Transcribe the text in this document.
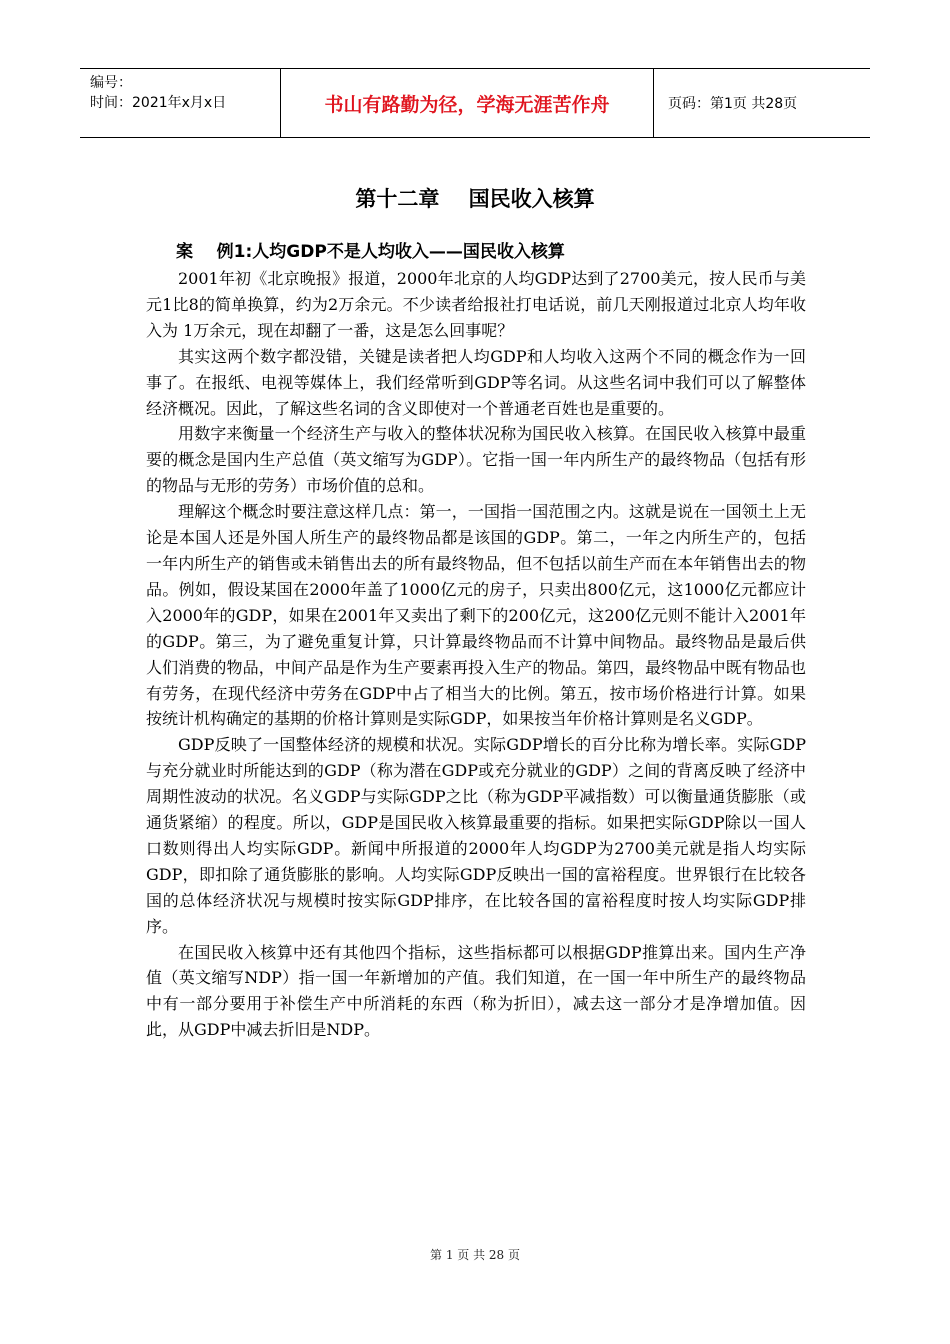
编号：
时间：2021年x月x日	书山有路勤为径，学海无涯苦作舟	页码：第1页 共28页
第十二章    国民收入核算
案    例1:人均GDP不是人均收入——国民收入核算

2001年初《北京晚报》报道，2000年北京的人均GDP达到了2700美元，按人民币与美元1比8的简单换算，约为2万余元。不少读者给报社打电话说，前几天刚报道过北京人均年收入为 1万余元，现在却翻了一番，这是怎么回事呢？

其实这两个数字都没错，关键是读者把人均GDP和人均收入这两个不同的概念作为一回事了。在报纸、电视等媒体上，我们经常听到GDP等名词。从这些名词中我们可以了解整体经济概况。因此，了解这些名词的含义即使对一个普通老百姓也是重要的。

用数字来衡量一个经济生产与收入的整体状况称为国民收入核算。在国民收入核算中最重要的概念是国内生产总值（英文缩写为GDP）。它指一国一年内所生产的最终物品（包括有形的物品与无形的劳务）市场价值的总和。

理解这个概念时要注意这样几点：第一，一国指一国范围之内。这就是说在一国领土上无论是本国人还是外国人所生产的最终物品都是该国的GDP。第二，一年之内所生产的，包括一年内所生产的销售或未销售出去的所有最终物品，但不包括以前生产而在本年销售出去的物品。例如，假设某国在2000年盖了1000亿元的房子，只卖出800亿元，这1000亿元都应计入2000年的GDP，如果在2001年又卖出了剩下的200亿元，这200亿元则不能计入2001年的GDP。第三，为了避免重复计算，只计算最终物品而不计算中间物品。最终物品是最后供人们消费的物品，中间产品是作为生产要素再投入生产的物品。第四，最终物品中既有物品也有劳务，在现代经济中劳务在GDP中占了相当大的比例。第五，按市场价格进行计算。如果按统计机构确定的基期的价格计算则是实际GDP，如果按当年价格计算则是名义GDP。

GDP反映了一国整体经济的规模和状况。实际GDP增长的百分比称为增长率。实际GDP与充分就业时所能达到的GDP（称为潜在GDP或充分就业的GDP）之间的背离反映了经济中周期性波动的状况。名义GDP与实际GDP之比（称为GDP平减指数）可以衡量通货膨胀（或通货紧缩）的程度。所以，GDP是国民收入核算最重要的指标。如果把实际GDP除以一国人口数则得出人均实际GDP。新闻中所报道的2000年人均GDP为2700美元就是指人均实际GDP，即扣除了通货膨胀的影响。人均实际GDP反映出一国的富裕程度。世界银行在比较各国的总体经济状况与规模时按实际GDP排序，在比较各国的富裕程度时按人均实际GDP排序。

在国民收入核算中还有其他四个指标，这些指标都可以根据GDP推算出来。国内生产净值（英文缩写NDP）指一国一年新增加的产值。我们知道，在一国一年中所生产的最终物品中有一部分要用于补偿生产中所消耗的东西（称为折旧），减去这一部分才是净增加值。因此，从GDP中减去折旧是NDP。

第 1 页 共 28 页
